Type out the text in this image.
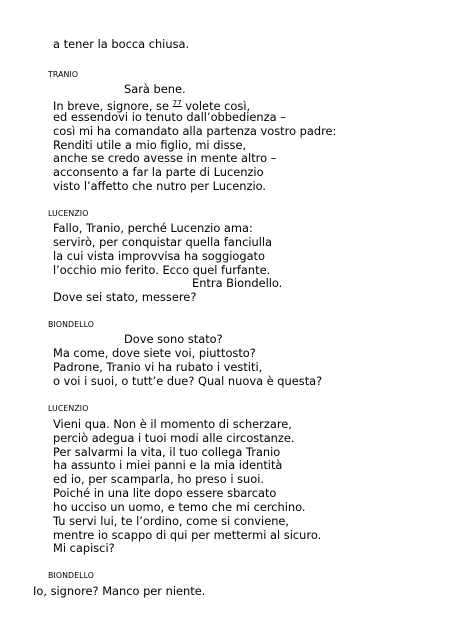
a tener la bocca chiusa.
TRANIO
Sarà bene.
In breve, signore, se $^{77}$ volete così,
ed essendovi io tenuto dall’obbedienza –
così mi ha comandato alla partenza vostro padre:
Renditi utile a mio figlio, mi disse,
anche se credo avesse in mente altro –
acconsento a far la parte di Lucenzio
visto l’affetto che nutro per Lucenzio.
LUCENZIO
Fallo, Tranio, perché Lucenzio ama:
servirò, per conquistar quella fanciulla
la cui vista improvvisa ha soggiogato
l’occhio mio ferito. Ecco quel furfante.
Entra Biondello.
Dove sei stato, messere?
BIONDELLO
Dove sono stato?
Ma come, dove siete voi, piuttosto?
Padrone, Tranio vi ha rubato i vestiti,
o voi i suoi, o tutt’e due? Qual nuova è questa?
LUCENZIO
Vieni qua. Non è il momento di scherzare,
perciò adegua i tuoi modi alle circostanze.
Per salvarmi la vita, il tuo collega Tranio
ha assunto i miei panni e la mia identità
ed io, per scamparla, ho preso i suoi.
Poiché in una lite dopo essere sbarcato
ho ucciso un uomo, e temo che mi cerchino.
Tu servi lui, te l’ordino, come si conviene,
mentre io scappo di qui per mettermi al sicuro.
Mi capisci?
BIONDELLO
Io, signore? Manco per niente.
